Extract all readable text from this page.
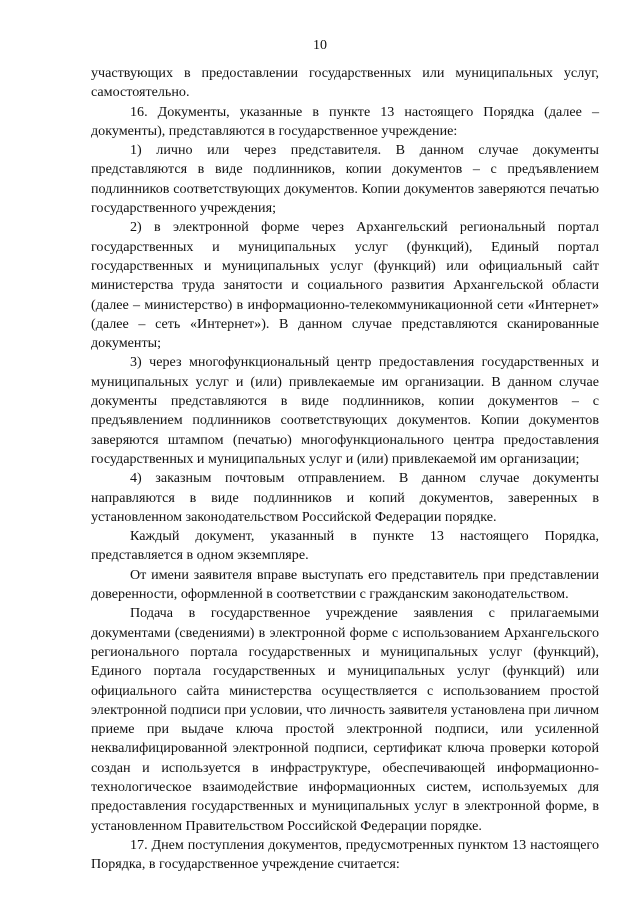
10

участвующих в предоставлении государственных или муниципальных услуг, самостоятельно.

16. Документы, указанные в пункте 13 настоящего Порядка (далее – документы), представляются в государственное учреждение:

1) лично или через представителя. В данном случае документы представляются в виде подлинников, копии документов – с предъявлением подлинников соответствующих документов. Копии документов заверяются печатью государственного учреждения;

2) в электронной форме через Архангельский региональный портал государственных и муниципальных услуг (функций), Единый портал государственных и муниципальных услуг (функций) или официальный сайт министерства труда занятости и социального развития Архангельской области (далее – министерство) в информационно-телекоммуникационной сети «Интернет» (далее – сеть «Интернет»). В данном случае представляются сканированные документы;

3) через многофункциональный центр предоставления государственных и муниципальных услуг и (или) привлекаемые им организации. В данном случае документы представляются в виде подлинников, копии документов – с предъявлением подлинников соответствующих документов. Копии документов заверяются штампом (печатью) многофункционального центра предоставления государственных и муниципальных услуг и (или) привлекаемой им организации;

4) заказным почтовым отправлением. В данном случае документы направляются в виде подлинников и копий документов, заверенных в установленном законодательством Российской Федерации порядке.

Каждый документ, указанный в пункте 13 настоящего Порядка, представляется в одном экземпляре.

От имени заявителя вправе выступать его представитель при представлении доверенности, оформленной в соответствии с гражданским законодательством.

Подача в государственное учреждение заявления с прилагаемыми документами (сведениями) в электронной форме с использованием Архангельского регионального портала государственных и муниципальных услуг (функций), Единого портала государственных и муниципальных услуг (функций) или официального сайта министерства осуществляется с использованием простой электронной подписи при условии, что личность заявителя установлена при личном приеме при выдаче ключа простой электронной подписи, или усиленной неквалифицированной электронной подписи, сертификат ключа проверки которой создан и используется в инфраструктуре, обеспечивающей информационно-технологическое взаимодействие информационных систем, используемых для предоставления государственных и муниципальных услуг в электронной форме, в установленном Правительством Российской Федерации порядке.

17. Днем поступления документов, предусмотренных пунктом 13 настоящего Порядка, в государственное учреждение считается:
